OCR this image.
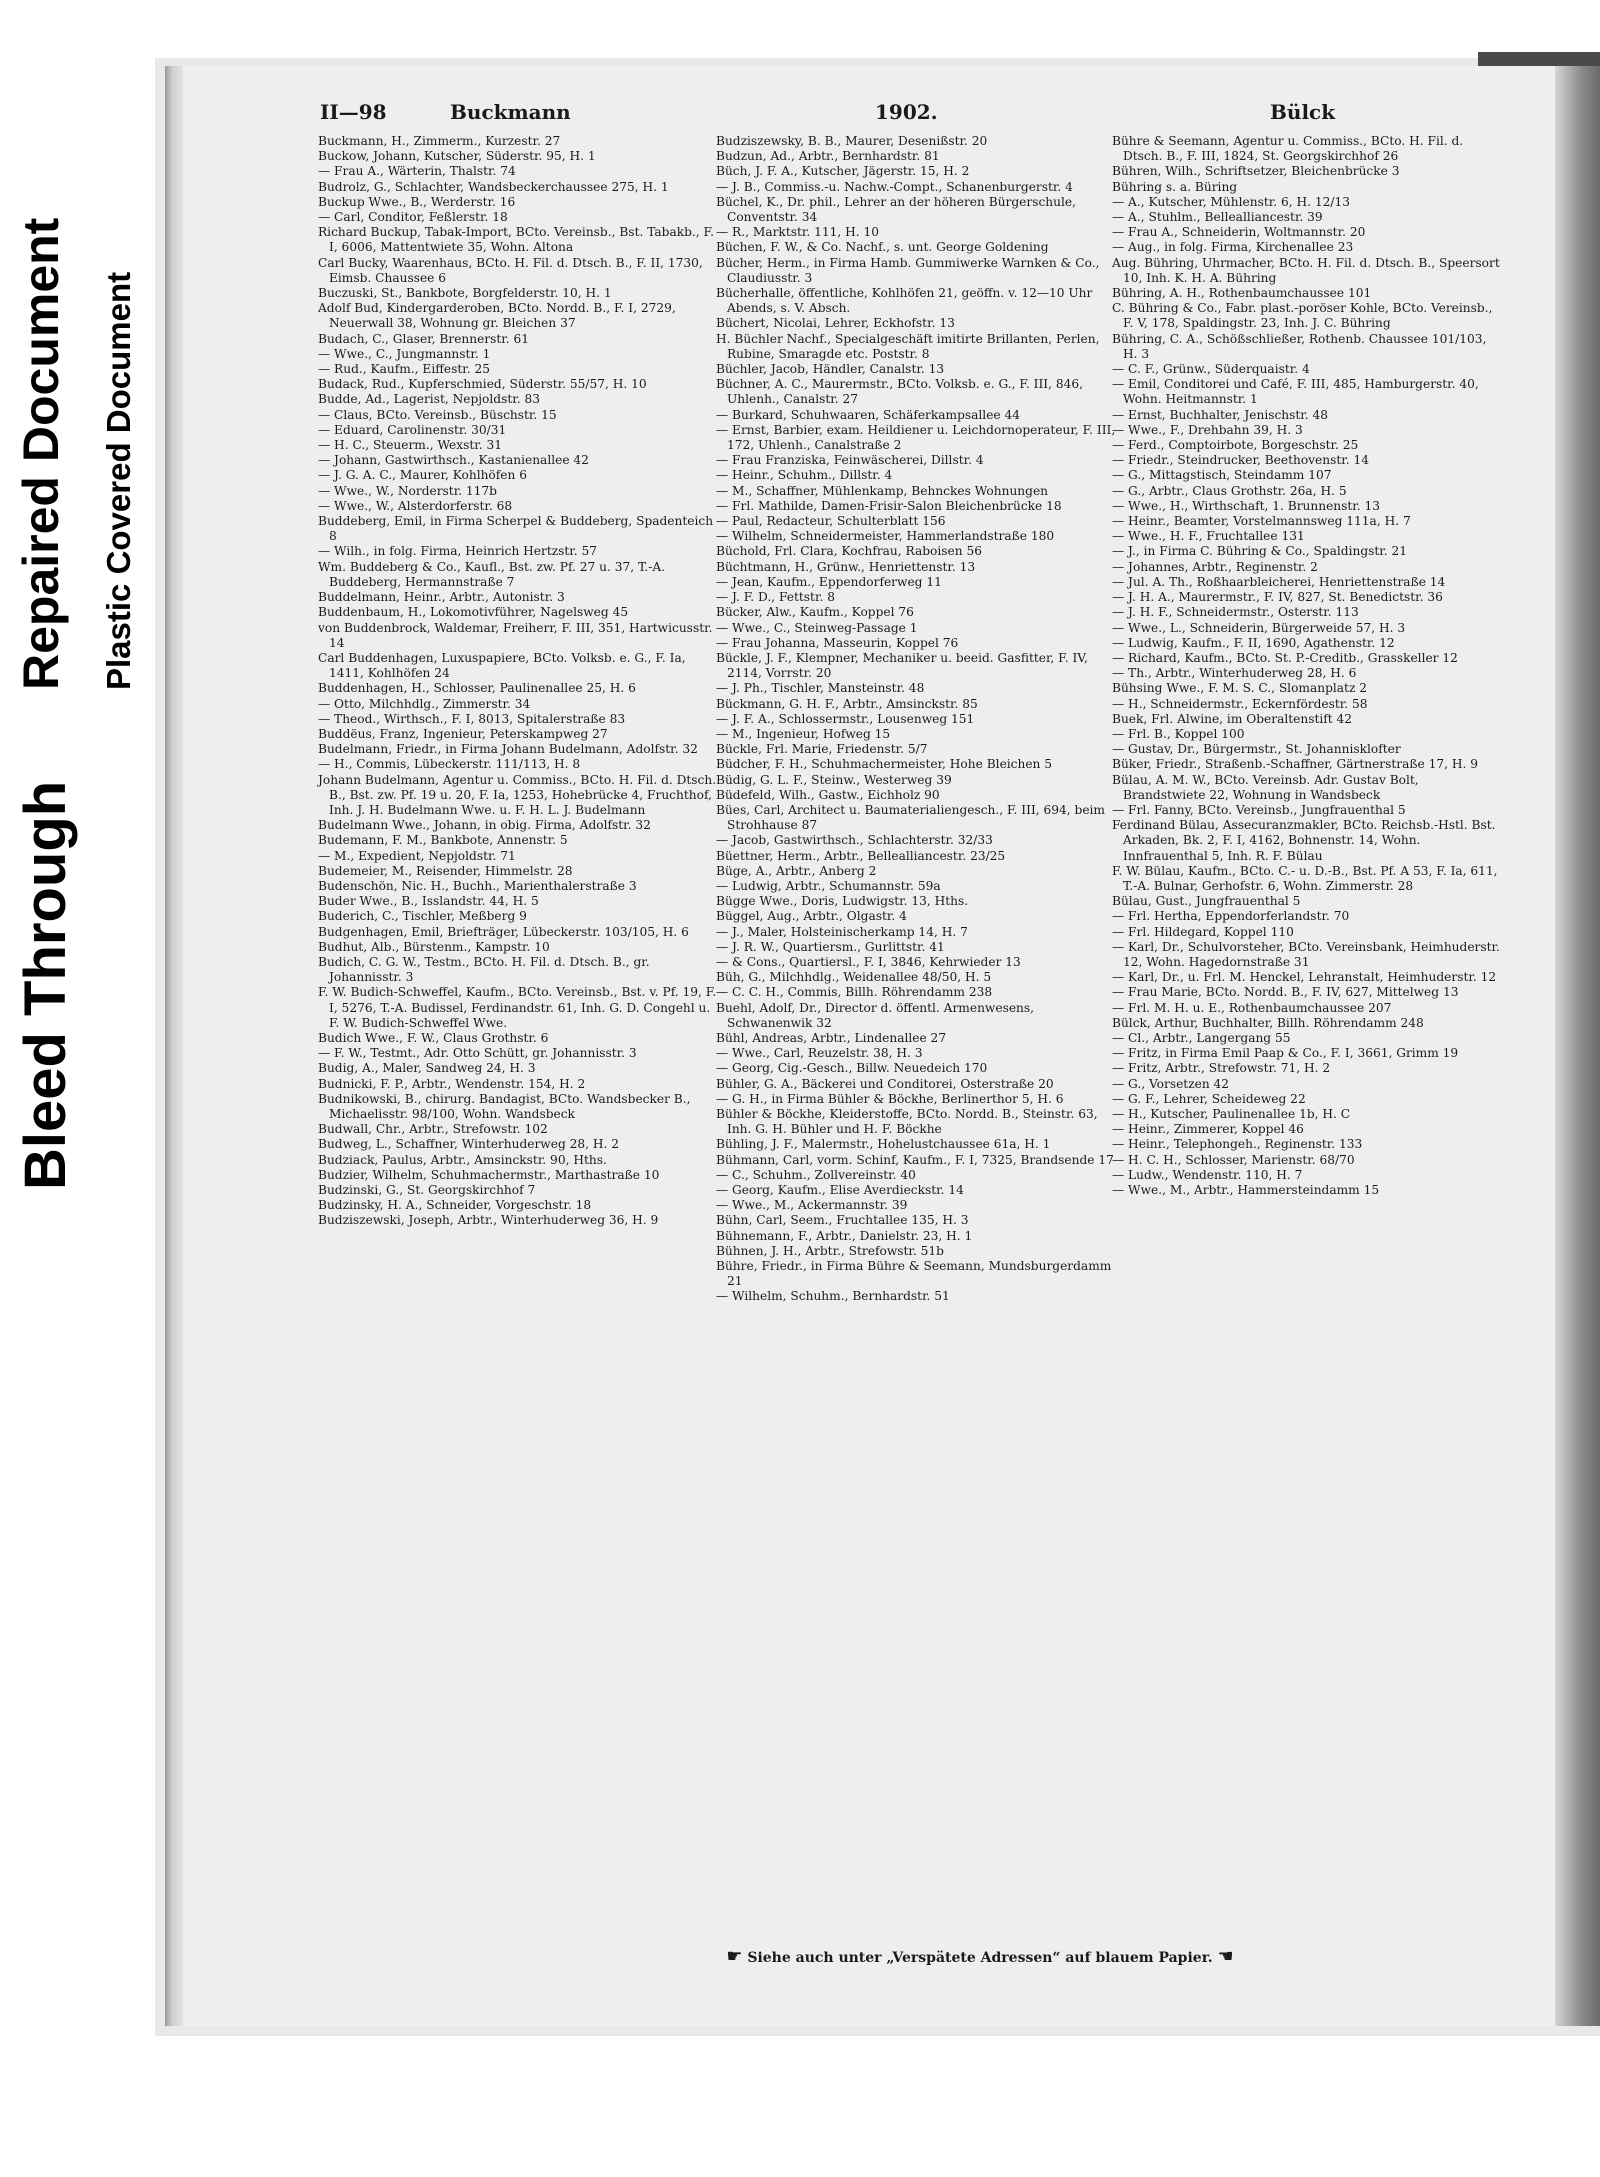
Bleed Through
Repaired Document Plastic Covered Document
II—98	Buckmann	1902.	Bülck

Buckmann, H., Zimmerm., Kurzestr. 27

Buckow, Johann, Kutscher, Süderstr. 95, H. 1

— Frau A., Wärterin, Thalstr. 74

Budrolz, G., Schlachter, Wandsbeckerchaussee 275, H. 1

Buckup Wwe., B., Werderstr. 16

— Carl, Conditor, Feßlerstr. 18

Richard Buckup, Tabak-Import, BCto. Vereinsb., Bst. Tabakb., F. I, 6006, Mattentwiete 35, Wohn. Altona

Carl Bucky, Waarenhaus, BCto. H. Fil. d. Dtsch. B., F. II, 1730, Eimsb. Chaussee 6

Buczuski, St., Bankbote, Borgfelderstr. 10, H. 1

Adolf Bud, Kindergarderoben, BCto. Nordd. B., F. I, 2729, Neuerwall 38, Wohnung gr. Bleichen 37

Budach, C., Glaser, Brennerstr. 61

— Wwe., C., Jungmannstr. 1

— Rud., Kaufm., Eiffestr. 25

Budack, Rud., Kupferschmied, Süderstr. 55/57, H. 10

Budde, Ad., Lagerist, Nepjoldstr. 83

— Claus, BCto. Vereinsb., Büschstr. 15

— Eduard, Carolinenstr. 30/31

— H. C., Steuerm., Wexstr. 31

— Johann, Gastwirthsch., Kastanienallee 42

— J. G. A. C., Maurer, Kohlhöfen 6

— Wwe., W., Norderstr. 117b

— Wwe., W., Alsterdorferstr. 68

Buddeberg, Emil, in Firma Scherpel & Buddeberg, Spadenteich 8

— Wilh., in folg. Firma, Heinrich Hertzstr. 57

Wm. Buddeberg & Co., Kaufl., Bst. zw. Pf. 27 u. 37, T.-A. Buddeberg, Hermannstraße 7

Buddelmann, Heinr., Arbtr., Autonistr. 3

Buddenbaum, H., Lokomotivführer, Nagelsweg 45

von Buddenbrock, Waldemar, Freiherr, F. III, 351, Hartwicusstr. 14

Carl Buddenhagen, Luxuspapiere, BCto. Volksb. e. G., F. Ia, 1411, Kohlhöfen 24

Buddenhagen, H., Schlosser, Paulinenallee 25, H. 6

— Otto, Milchhdlg., Zimmerstr. 34

— Theod., Wirthsch., F. I, 8013, Spitalerstraße 83

Buddëus, Franz, Ingenieur, Peterskampweg 27

Budelmann, Friedr., in Firma Johann Budelmann, Adolfstr. 32

— H., Commis, Lübeckerstr. 111/113, H. 8

Johann Budelmann, Agentur u. Commiss., BCto. H. Fil. d. Dtsch. B., Bst. zw. Pf. 19 u. 20, F. Ia, 1253, Hohebrücke 4, Fruchthof, Inh. J. H. Budelmann Wwe. u. F. H. L. J. Budelmann

Budelmann Wwe., Johann, in obig. Firma, Adolfstr. 32

Budemann, F. M., Bankbote, Annenstr. 5

— M., Expedient, Nepjoldstr. 71

Budemeier, M., Reisender, Himmelstr. 28

Budenschön, Nic. H., Buchh., Marienthalerstraße 3

Buder Wwe., B., Isslandstr. 44, H. 5

Buderich, C., Tischler, Meßberg 9

Budgenhagen, Emil, Briefträger, Lübeckerstr. 103/105, H. 6

Budhut, Alb., Bürstenm., Kampstr. 10

Budich, C. G. W., Testm., BCto. H. Fil. d. Dtsch. B., gr. Johannisstr. 3

F. W. Budich-Schweffel, Kaufm., BCto. Vereinsb., Bst. v. Pf. 19, F. I, 5276, T.-A. Budissel, Ferdinandstr. 61, Inh. G. D. Congehl u. F. W. Budich-Schweffel Wwe.

Budich Wwe., F. W., Claus Grothstr. 6

— F. W., Testmt., Adr. Otto Schütt, gr. Johannisstr. 3

Budig, A., Maler, Sandweg 24, H. 3

Budnicki, F. P., Arbtr., Wendenstr. 154, H. 2

Budnikowski, B., chirurg. Bandagist, BCto. Wandsbecker B., Michaelisstr. 98/100, Wohn. Wandsbeck

Budwall, Chr., Arbtr., Strefowstr. 102

Budweg, L., Schaffner, Winterhuderweg 28, H. 2

Budziack, Paulus, Arbtr., Amsinckstr. 90, Hths.

Budzier, Wilhelm, Schuhmachermstr., Marthastraße 10

Budzinski, G., St. Georgskirchhof 7

Budzinsky, H. A., Schneider, Vorgeschstr. 18

Budziszewski, Joseph, Arbtr., Winterhuderweg 36, H. 9

Budziszewsky, B. B., Maurer, Desenißstr. 20

Budzun, Ad., Arbtr., Bernhardstr. 81

Büch, J. F. A., Kutscher, Jägerstr. 15, H. 2

— J. B., Commiss.-u. Nachw.-Compt., Schanenburgerstr. 4

Büchel, K., Dr. phil., Lehrer an der höheren Bürgerschule, Conventstr. 34

— R., Marktstr. 111, H. 10

Büchen, F. W., & Co. Nachf., s. unt. George Goldening

Bücher, Herm., in Firma Hamb. Gummiwerke Warnken & Co., Claudiusstr. 3

Bücherhalle, öffentliche, Kohlhöfen 21, geöffn. v. 12—10 Uhr Abends, s. V. Absch.

Büchert, Nicolai, Lehrer, Eckhofstr. 13

H. Büchler Nachf., Specialgeschäft imitirte Brillanten, Perlen, Rubine, Smaragde etc. Poststr. 8

Büchler, Jacob, Händler, Canalstr. 13

Büchner, A. C., Maurermstr., BCto. Volksb. e. G., F. III, 846, Uhlenh., Canalstr. 27

— Burkard, Schuhwaaren, Schäferkampsallee 44

— Ernst, Barbier, exam. Heildiener u. Leichdornoperateur, F. III, 172, Uhlenh., Canalstraße 2

— Frau Franziska, Feinwäscherei, Dillstr. 4

— Heinr., Schuhm., Dillstr. 4

— M., Schaffner, Mühlenkamp, Behnckes Wohnungen

— Frl. Mathilde, Damen-Frisir-Salon Bleichenbrücke 18

— Paul, Redacteur, Schulterblatt 156

— Wilhelm, Schneidermeister, Hammerlandstraße 180

Büchold, Frl. Clara, Kochfrau, Raboisen 56

Büchtmann, H., Grünw., Henriettenstr. 13

— Jean, Kaufm., Eppendorferweg 11

— J. F. D., Fettstr. 8

Bücker, Alw., Kaufm., Koppel 76

— Wwe., C., Steinweg-Passage 1

— Frau Johanna, Masseurin, Koppel 76

Bückle, J. F., Klempner, Mechaniker u. beeid. Gasfitter, F. IV, 2114, Vorrstr. 20

— J. Ph., Tischler, Mansteinstr. 48

Bückmann, G. H. F., Arbtr., Amsinckstr. 85

— J. F. A., Schlossermstr., Lousenweg 151

— M., Ingenieur, Hofweg 15

Bückle, Frl. Marie, Friedenstr. 5/7

Büdcher, F. H., Schuhmachermeister, Hohe Bleichen 5

Büdig, G. L. F., Steinw., Westerweg 39

Büdefeld, Wilh., Gastw., Eichholz 90

Bües, Carl, Architect u. Baumaterialiengesch., F. III, 694, beim Strohhause 87

— Jacob, Gastwirthsch., Schlachterstr. 32/33

Büettner, Herm., Arbtr., Bellealliancestr. 23/25

Büge, A., Arbtr., Anberg 2

— Ludwig, Arbtr., Schumannstr. 59a

Bügge Wwe., Doris, Ludwigstr. 13, Hths.

Büggel, Aug., Arbtr., Olgastr. 4

— J., Maler, Holsteinischerkamp 14, H. 7

— J. R. W., Quartiersm., Gurlittstr. 41

— & Cons., Quartiersl., F. I, 3846, Kehrwieder 13

Büh, G., Milchhdlg., Weidenallee 48/50, H. 5

— C. C. H., Commis, Billh. Röhrendamm 238

Buehl, Adolf, Dr., Director d. öffentl. Armenwesens, Schwanenwik 32

Bühl, Andreas, Arbtr., Lindenallee 27

— Wwe., Carl, Reuzelstr. 38, H. 3

— Georg, Cig.-Gesch., Billw. Neuedeich 170

Bühler, G. A., Bäckerei und Conditorei, Osterstraße 20

— G. H., in Firma Bühler & Böckhe, Berlinerthor 5, H. 6

Bühler & Böckhe, Kleiderstoffe, BCto. Nordd. B., Steinstr. 63, Inh. G. H. Bühler und H. F. Böckhe

Bühling, J. F., Malermstr., Hohelustchaussee 61a, H. 1

Bühmann, Carl, vorm. Schinf, Kaufm., F. I, 7325, Brandsende 17

— C., Schuhm., Zollvereinstr. 40

— Georg, Kaufm., Elise Averdieckstr. 14

— Wwe., M., Ackermannstr. 39

Bühn, Carl, Seem., Fruchtallee 135, H. 3

Bühnemann, F., Arbtr., Danielstr. 23, H. 1

Bühnen, J. H., Arbtr., Strefowstr. 51b

Bühre, Friedr., in Firma Bühre & Seemann, Mundsburgerdamm 21

— Wilhelm, Schuhm., Bernhardstr. 51

Bühre & Seemann, Agentur u. Commiss., BCto. H. Fil. d. Dtsch. B., F. III, 1824, St. Georgskirchhof 26

Bühren, Wilh., Schriftsetzer, Bleichenbrücke 3

Bühring s. a. Büring

— A., Kutscher, Mühlenstr. 6, H. 12/13

— A., Stuhlm., Bellealliancestr. 39

— Frau A., Schneiderin, Woltmannstr. 20

— Aug., in folg. Firma, Kirchenallee 23

Aug. Bühring, Uhrmacher, BCto. H. Fil. d. Dtsch. B., Speersort 10, Inh. K. H. A. Bühring

Bühring, A. H., Rothenbaumchaussee 101

C. Bühring & Co., Fabr. plast.-poröser Kohle, BCto. Vereinsb., F. V, 178, Spaldingstr. 23, Inh. J. C. Bühring

Bühring, C. A., Schößschließer, Rothenb. Chaussee 101/103, H. 3

— C. F., Grünw., Süderquaistr. 4

— Emil, Conditorei und Café, F. III, 485, Hamburgerstr. 40, Wohn. Heitmannstr. 1

— Ernst, Buchhalter, Jenischstr. 48

— Wwe., F., Drehbahn 39, H. 3

— Ferd., Comptoirbote, Borgeschstr. 25

— Friedr., Steindrucker, Beethovenstr. 14

— G., Mittagstisch, Steindamm 107

— G., Arbtr., Claus Grothstr. 26a, H. 5

— Wwe., H., Wirthschaft, 1. Brunnenstr. 13

— Heinr., Beamter, Vorstelmannsweg 111a, H. 7

— Wwe., H. F., Fruchtallee 131

— J., in Firma C. Bühring & Co., Spaldingstr. 21

— Johannes, Arbtr., Reginenstr. 2

— Jul. A. Th., Roßhaarbleicherei, Henriettenstraße 14

— J. H. A., Maurermstr., F. IV, 827, St. Benedictstr. 36

— J. H. F., Schneidermstr., Osterstr. 113

— Wwe., L., Schneiderin, Bürgerweide 57, H. 3

— Ludwig, Kaufm., F. II, 1690, Agathenstr. 12

— Richard, Kaufm., BCto. St. P.-Creditb., Grasskeller 12

— Th., Arbtr., Winterhuderweg 28, H. 6

Bühsing Wwe., F. M. S. C., Slomanplatz 2

— H., Schneidermstr., Eckernfördestr. 58

Buek, Frl. Alwine, im Oberaltenstift 42

— Frl. B., Koppel 100

— Gustav, Dr., Bürgermstr., St. Johannisklofter

Büker, Friedr., Straßenb.-Schaffner, Gärtnerstraße 17, H. 9

Bülau, A. M. W., BCto. Vereinsb. Adr. Gustav Bolt, Brandstwiete 22, Wohnung in Wandsbeck

— Frl. Fanny, BCto. Vereinsb., Jungfrauenthal 5

Ferdinand Bülau, Assecuranzmakler, BCto. Reichsb.-Hstl. Bst. Arkaden, Bk. 2, F. I, 4162, Bohnenstr. 14, Wohn. Innfrauenthal 5, Inh. R. F. Bülau

F. W. Bülau, Kaufm., BCto. C.- u. D.-B., Bst. Pf. A 53, F. Ia, 611, T.-A. Bulnar, Gerhofstr. 6, Wohn. Zimmerstr. 28

Bülau, Gust., Jungfrauenthal 5

— Frl. Hertha, Eppendorferlandstr. 70

— Frl. Hildegard, Koppel 110

— Karl, Dr., Schulvorsteher, BCto. Vereinsbank, Heimhuderstr. 12, Wohn. Hagedornstraße 31

— Karl, Dr., u. Frl. M. Henckel, Lehranstalt, Heimhuderstr. 12

— Frau Marie, BCto. Nordd. B., F. IV, 627, Mittelweg 13

— Frl. M. H. u. E., Rothenbaumchaussee 207

Bülck, Arthur, Buchhalter, Billh. Röhrendamm 248

— Cl., Arbtr., Langergang 55

— Fritz, in Firma Emil Paap & Co., F. I, 3661, Grimm 19

— Fritz, Arbtr., Strefowstr. 71, H. 2

— G., Vorsetzen 42

— G. F., Lehrer, Scheideweg 22

— H., Kutscher, Paulinenallee 1b, H. C

— Heinr., Zimmerer, Koppel 46

— Heinr., Telephongeh., Reginenstr. 133

— H. C. H., Schlosser, Marienstr. 68/70

— Ludw., Wendenstr. 110, H. 7

— Wwe., M., Arbtr., Hammersteindamm 15

☛ Siehe auch unter „Verspätete Adressen“ auf blauem Papier. ☚
